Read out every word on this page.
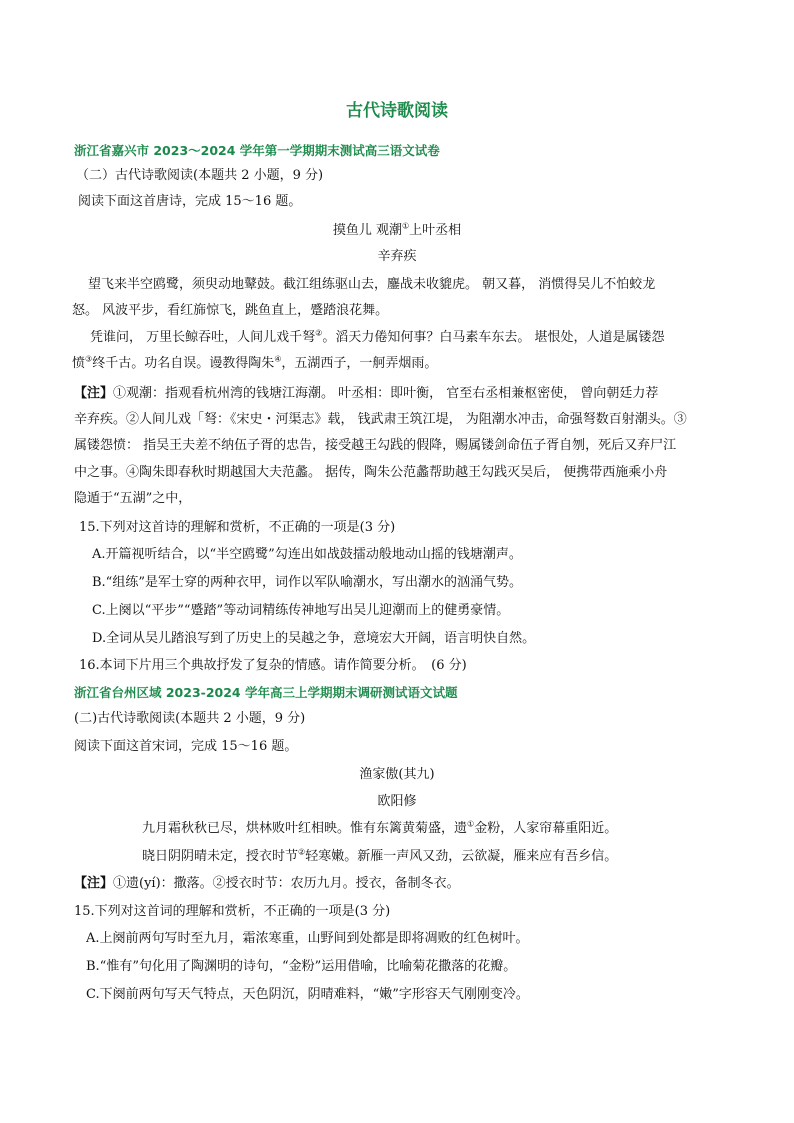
古代诗歌阅读
浙江省嘉兴市 2023～2024 学年第一学期期末测试高三语文试卷
（二）古代诗歌阅读(本题共 2 小题，9 分)
阅读下面这首唐诗，完成 15～16 题。
摸鱼儿 观潮①上叶丞相
辛弃疾
望飞来半空鸥鹭，须臾动地鼙鼓。截江组练驱山去，鏖战未收貔虎。 朝又暮， 消惯得吴儿不怕蛟龙
怒。 风波平步，看红旆惊飞，跳鱼直上，蹙踏浪花舞。
凭谁问， 万里长鲸吞吐，人间儿戏千弩②。滔天力倦知何事？白马素车东去。 堪恨处，人道是属镂怨
愤③终千古。功名自误。谩教得陶朱④，五湖西子，一舸弄烟雨。
【注】①观潮：指观看杭州湾的钱塘江海潮。 叶丞相：即叶衡， 官至右丞相兼枢密使， 曾向朝廷力荐
辛弃疾。②人间儿戏「弩：《宋史・河渠志》载， 钱武肃王筑江堤， 为阻潮水冲击，命强弩数百射潮头。③
属镂怨愤： 指吴王夫差不纳伍子胥的忠告，接受越王勾践的假降，赐属镂剑命伍子胥自刎，死后又弃尸江
中之事。④陶朱即春秋时期越国大夫范蠡。 据传，陶朱公范蠡帮助越王勾践灭吴后， 便携带西施乘小舟
隐遁于“五湖”之中，
15.下列对这首诗的理解和赏析，不正确的一项是(3 分)
A.开篇视听结合，以“半空鸥鹭”勾连出如战鼓擂动般地动山摇的钱塘潮声。
B.“组练”是军士穿的两种衣甲，词作以军队喻潮水，写出潮水的汹涌气势。
C.上阕以“平步”“蹙踏”等动词精练传神地写出吴儿迎潮而上的健勇豪情。
D.全词从吴儿踏浪写到了历史上的吴越之争，意境宏大开阔，语言明快自然。
16.本词下片用三个典故抒发了复杂的情感。请作简要分析。　(6 分)
浙江省台州区域 2023-2024 学年高三上学期期末调研测试语文试题
(二)古代诗歌阅读(本题共 2 小题，9 分)
阅读下面这首宋词，完成 15～16 题。
渔家傲(其九)
欧阳修
九月霜秋秋已尽，烘林败叶红相映。惟有东篱黄菊盛，遗①金粉，人家帘幕重阳近。
晓日阴阴晴未定，授衣时节②轻寒嫩。新雁一声风又劲，云欲凝，雁来应有吾乡信。
【注】①遗(yí)：撒落。②授衣时节：农历九月。授衣，备制冬衣。
15.下列对这首词的理解和赏析，不正确的一项是(3 分)
A.上阕前两句写时至九月，霜浓寒重，山野间到处都是即将凋败的红色树叶。
B.“惟有”句化用了陶渊明的诗句，“金粉”运用借喻，比喻菊花撒落的花瓣。
C.下阕前两句写天气特点，天色阴沉，阴晴难料，“嫩”字形容天气刚刚变冷。
